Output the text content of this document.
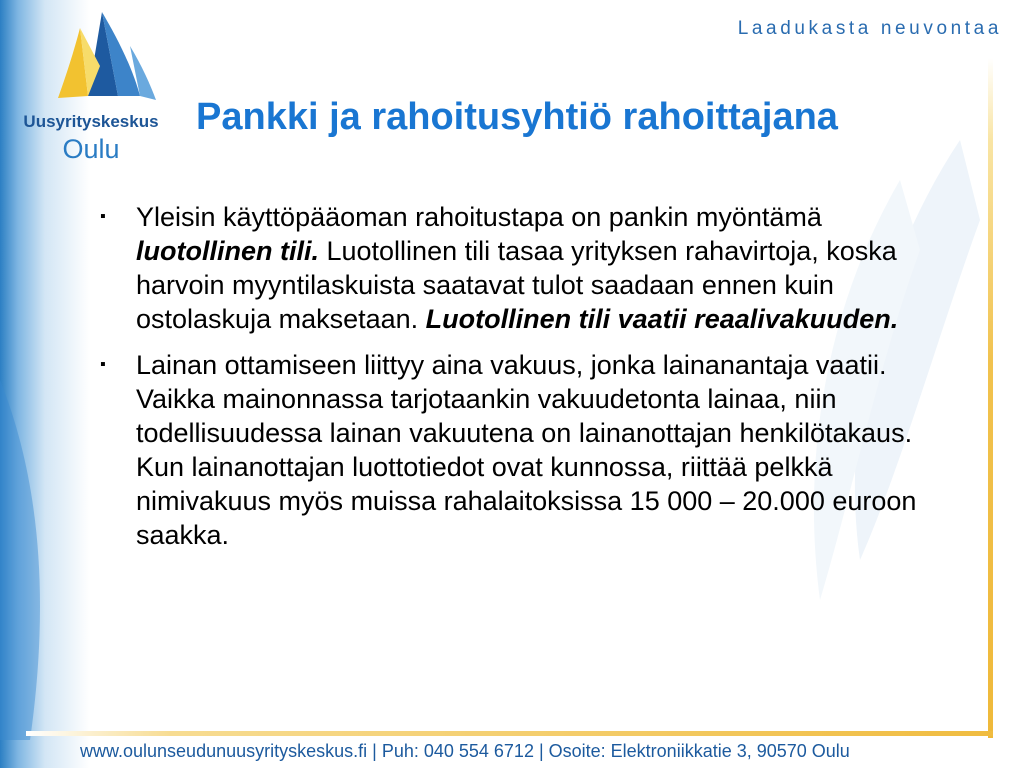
Uusyrityskeskus
Oulu
Laadukasta neuvontaa
Pankki ja rahoitusyhtiö rahoittajana
▪ Yleisin käyttöpääoman rahoitustapa on pankin myöntämä luotollinen tili. Luotollinen tili tasaa yrityksen rahavirtoja, koska harvoin myyntilaskuista saatavat tulot saadaan ennen kuin ostolaskuja maksetaan. Luotollinen tili vaatii reaalivakuuden.
▪ Lainan ottamiseen liittyy aina vakuus, jonka lainanantaja vaatii. Vaikka mainonnassa tarjotaankin vakuudetonta lainaa, niin todellisuudessa lainan vakuutena on lainanottajan henkilötakaus. Kun lainanottajan luottotiedot ovat kunnossa, riittää pelkkä nimivakuus myös muissa rahalaitoksissa 15 000 – 20.000 euroon saakka.
www.oulunseudunuusyrityskeskus.fi | Puh: 040 554 6712 | Osoite: Elektroniikkatie 3, 90570 Oulu
